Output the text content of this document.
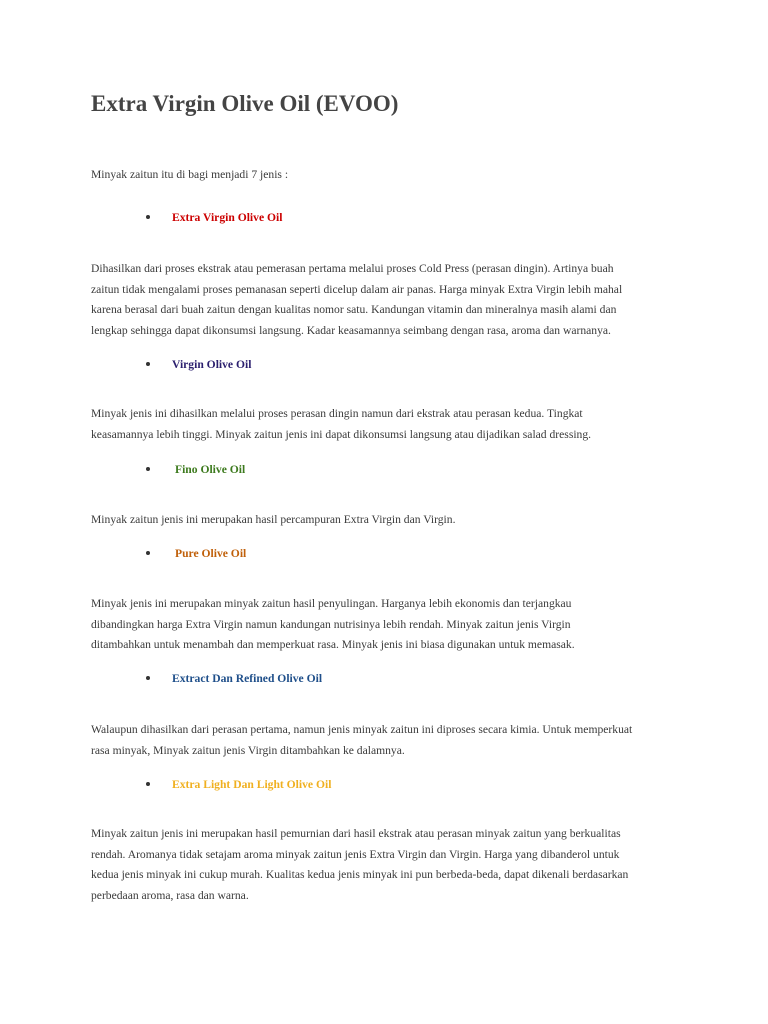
Extra Virgin Olive Oil (EVOO)

Minyak zaitun itu di bagi menjadi 7 jenis :

Extra Virgin Olive Oil

Dihasilkan dari proses ekstrak atau pemerasan pertama melalui proses Cold Press (perasan dingin). Artinya buah
zaitun tidak mengalami proses pemanasan seperti dicelup dalam air panas. Harga minyak Extra Virgin lebih mahal
karena berasal dari buah zaitun dengan kualitas nomor satu. Kandungan vitamin dan mineralnya masih alami dan
lengkap sehingga dapat dikonsumsi langsung. Kadar keasamannya seimbang dengan rasa, aroma dan warnanya.

Virgin Olive Oil

Minyak jenis ini dihasilkan melalui proses perasan dingin namun dari ekstrak atau perasan kedua. Tingkat
keasamannya lebih tinggi. Minyak zaitun jenis ini dapat dikonsumsi langsung atau dijadikan salad dressing.

Fino Olive Oil

Minyak zaitun jenis ini merupakan hasil percampuran Extra Virgin dan Virgin.

Pure Olive Oil

Minyak jenis ini merupakan minyak zaitun hasil penyulingan. Harganya lebih ekonomis dan terjangkau
dibandingkan harga Extra Virgin namun kandungan nutrisinya lebih rendah. Minyak zaitun jenis Virgin
ditambahkan untuk menambah dan memperkuat rasa. Minyak jenis ini biasa digunakan untuk memasak.

Extract Dan Refined Olive Oil

Walaupun dihasilkan dari perasan pertama, namun jenis minyak zaitun ini diproses secara kimia. Untuk memperkuat
rasa minyak, Minyak zaitun jenis Virgin ditambahkan ke dalamnya.

Extra Light Dan Light Olive Oil

Minyak zaitun jenis ini merupakan hasil pemurnian dari hasil ekstrak atau perasan minyak zaitun yang berkualitas
rendah. Aromanya tidak setajam aroma minyak zaitun jenis Extra Virgin dan Virgin. Harga yang dibanderol untuk
kedua jenis minyak ini cukup murah. Kualitas kedua jenis minyak ini pun berbeda-beda, dapat dikenali berdasarkan
perbedaan aroma, rasa dan warna.
